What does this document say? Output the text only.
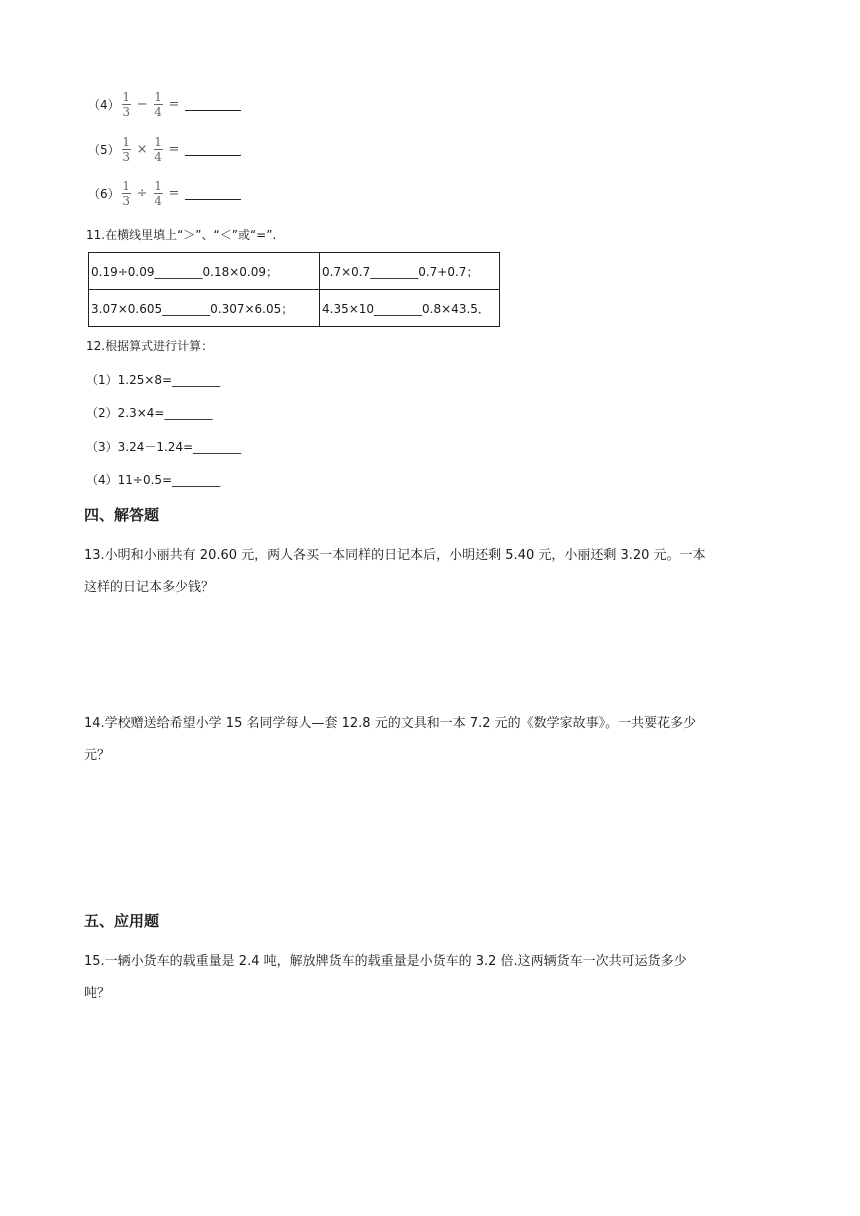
$(4) \frac{1}{3} - \frac{1}{4}$ =
$(5) \frac{1}{3} \times \frac{1}{4}$ =
$(6) \frac{1}{3} \div \frac{1}{4}$ =
11.在横线里填上“＞”、“＜”或“=”.
0.19÷0.09________0.18×0.09；	0.7×0.7________0.7+0.7；
3.07×0.605________0.307×6.05；	4.35×10________0.8×43.5．
12.根据算式进行计算：
（1）1.25×8=________
（2）2.3×4=________
（3）3.24－1.24=________
（4）11÷0.5=________
四、解答题
13.小明和小丽共有 20.60 元，两人各买一本同样的日记本后，小明还剩 5.40 元，小丽还剩 3.20 元。一本
这样的日记本多少钱？
14.学校赠送给希望小学 15 名同学每人—套 12.8 元的文具和一本 7.2 元的《数学家故事》。一共要花多少
元？
五、应用题
15.一辆小货车的载重量是 2.4 吨，解放牌货车的载重量是小货车的 3.2 倍.这两辆货车一次共可运货多少
吨？
